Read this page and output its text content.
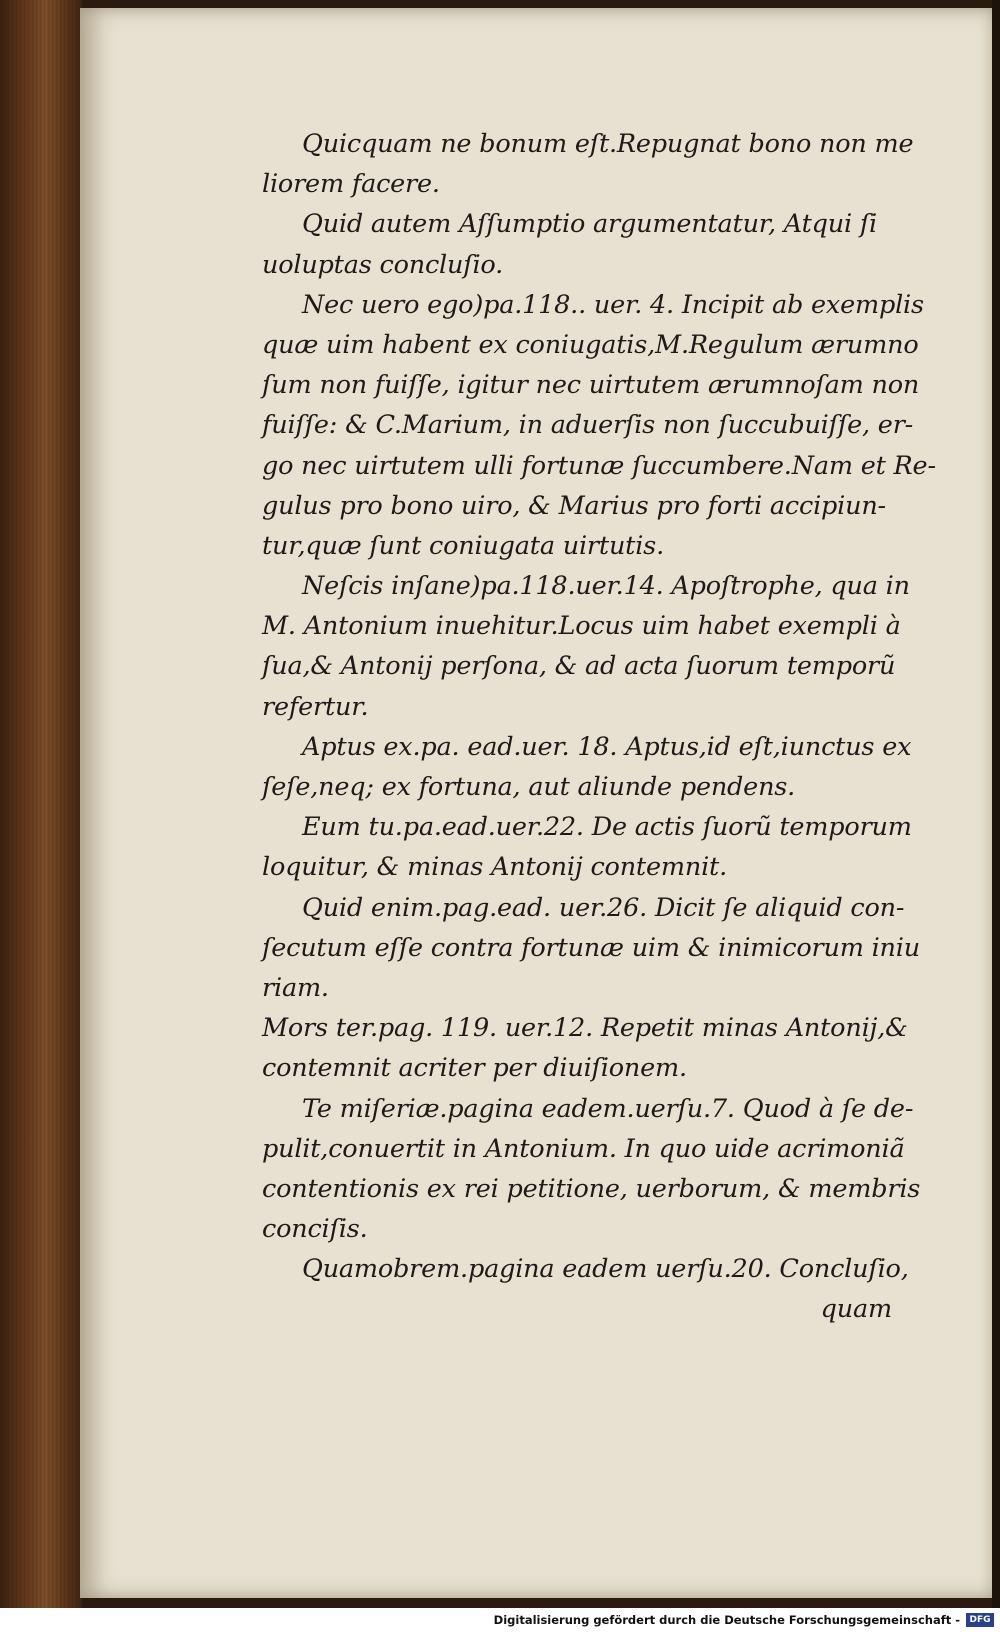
Quicquam ne bonum eſt.Repugnat bono non me
liorem facere.
Quid autem Aſſumptio argumentatur, Atqui ſi
uoluptas concluſio.
Nec uero ego)pa.118.. uer. 4. Incipit ab exemplis
quæ uim habent ex coniugatis,M.Regulum ærumno
ſum non fuiſſe, igitur nec uirtutem ærumnoſam non
fuiſſe: & C.Marium, in aduerſis non ſuccubuiſſe, er-
go nec uirtutem ulli fortunæ ſuccumbere.Nam et Re-
gulus pro bono uiro, & Marius pro forti accipiun-
tur,quæ ſunt coniugata uirtutis.
Neſcis inſane)pa.118.uer.14. Apoſtrophe, qua in
M. Antonium inuehitur.Locus uim habet exempli à
ſua,& Antonij perſona, & ad acta ſuorum temporũ
refertur.
Aptus ex.pa. ead.uer. 18. Aptus,id eſt,iunctus ex
ſeſe,neq; ex fortuna, aut aliunde pendens.
Eum tu.pa.ead.uer.22. De actis ſuorũ temporum
loquitur, & minas Antonij contemnit.
Quid enim.pag.ead. uer.26. Dicit ſe aliquid con-
ſecutum eſſe contra fortunæ uim & inimicorum iniu
riam.
Mors ter.pag. 119. uer.12. Repetit minas Antonij,&
contemnit acriter per diuiſionem.
Te miſeriæ.pagina eadem.uerſu.7. Quod à ſe de-
pulit,conuertit in Antonium. In quo uide acrimoniã
contentionis ex rei petitione, uerborum, & membris
conciſis.
Quamobrem.pagina eadem uerſu.20. Concluſio,
quam
Digitalisierung gefördert durch die Deutsche Forschungsgemeinschaft -	DFG
